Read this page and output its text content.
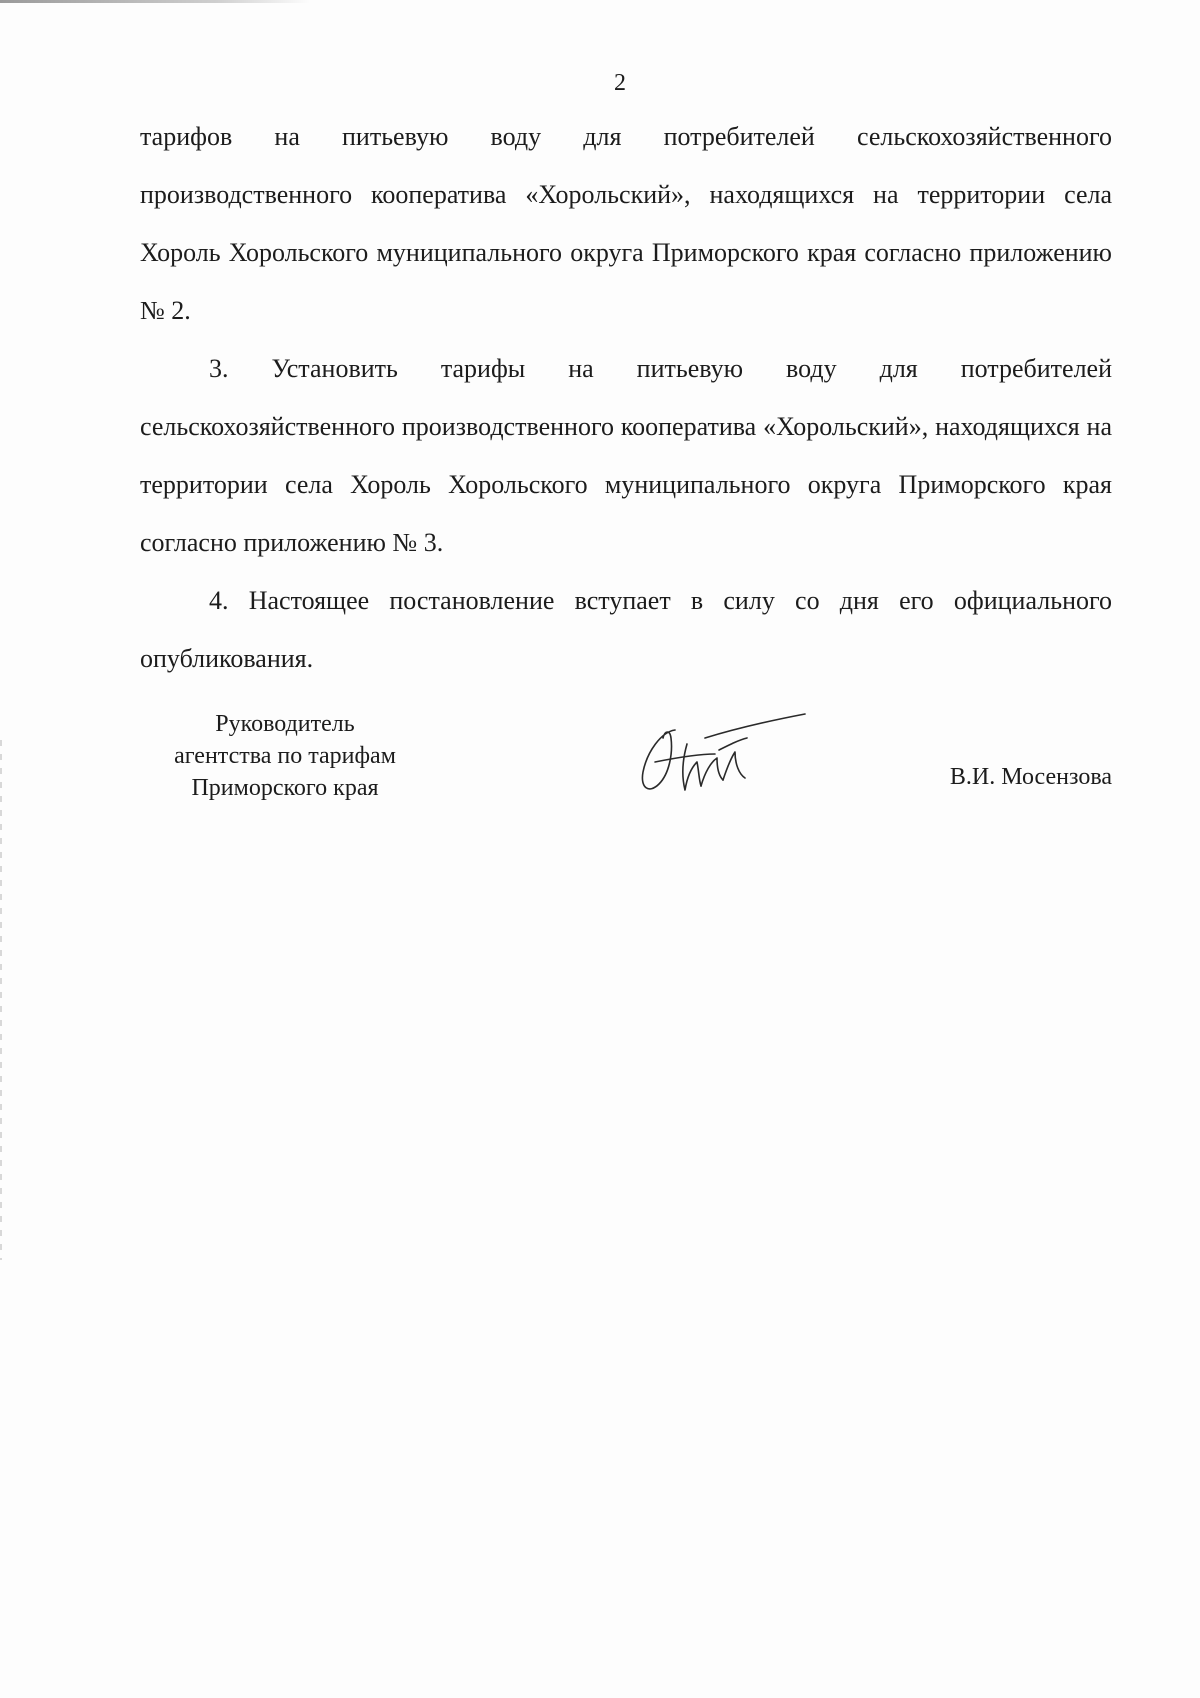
2

тарифов на питьевую воду для потребителей сельскохозяйственного производственного кооператива «Хорольский», находящихся на территории села Хороль Хорольского муниципального округа Приморского края согласно приложению № 2.

3. Установить тарифы на питьевую воду для потребителей сельскохозяйственного производственного кооператива «Хорольский», находящихся на территории села Хороль Хорольского муниципального округа Приморского края согласно приложению № 3.

4. Настоящее постановление вступает в силу со дня его официального опубликования.

Руководитель
агентства по тарифам
Приморского края	В.И. Мосензова
